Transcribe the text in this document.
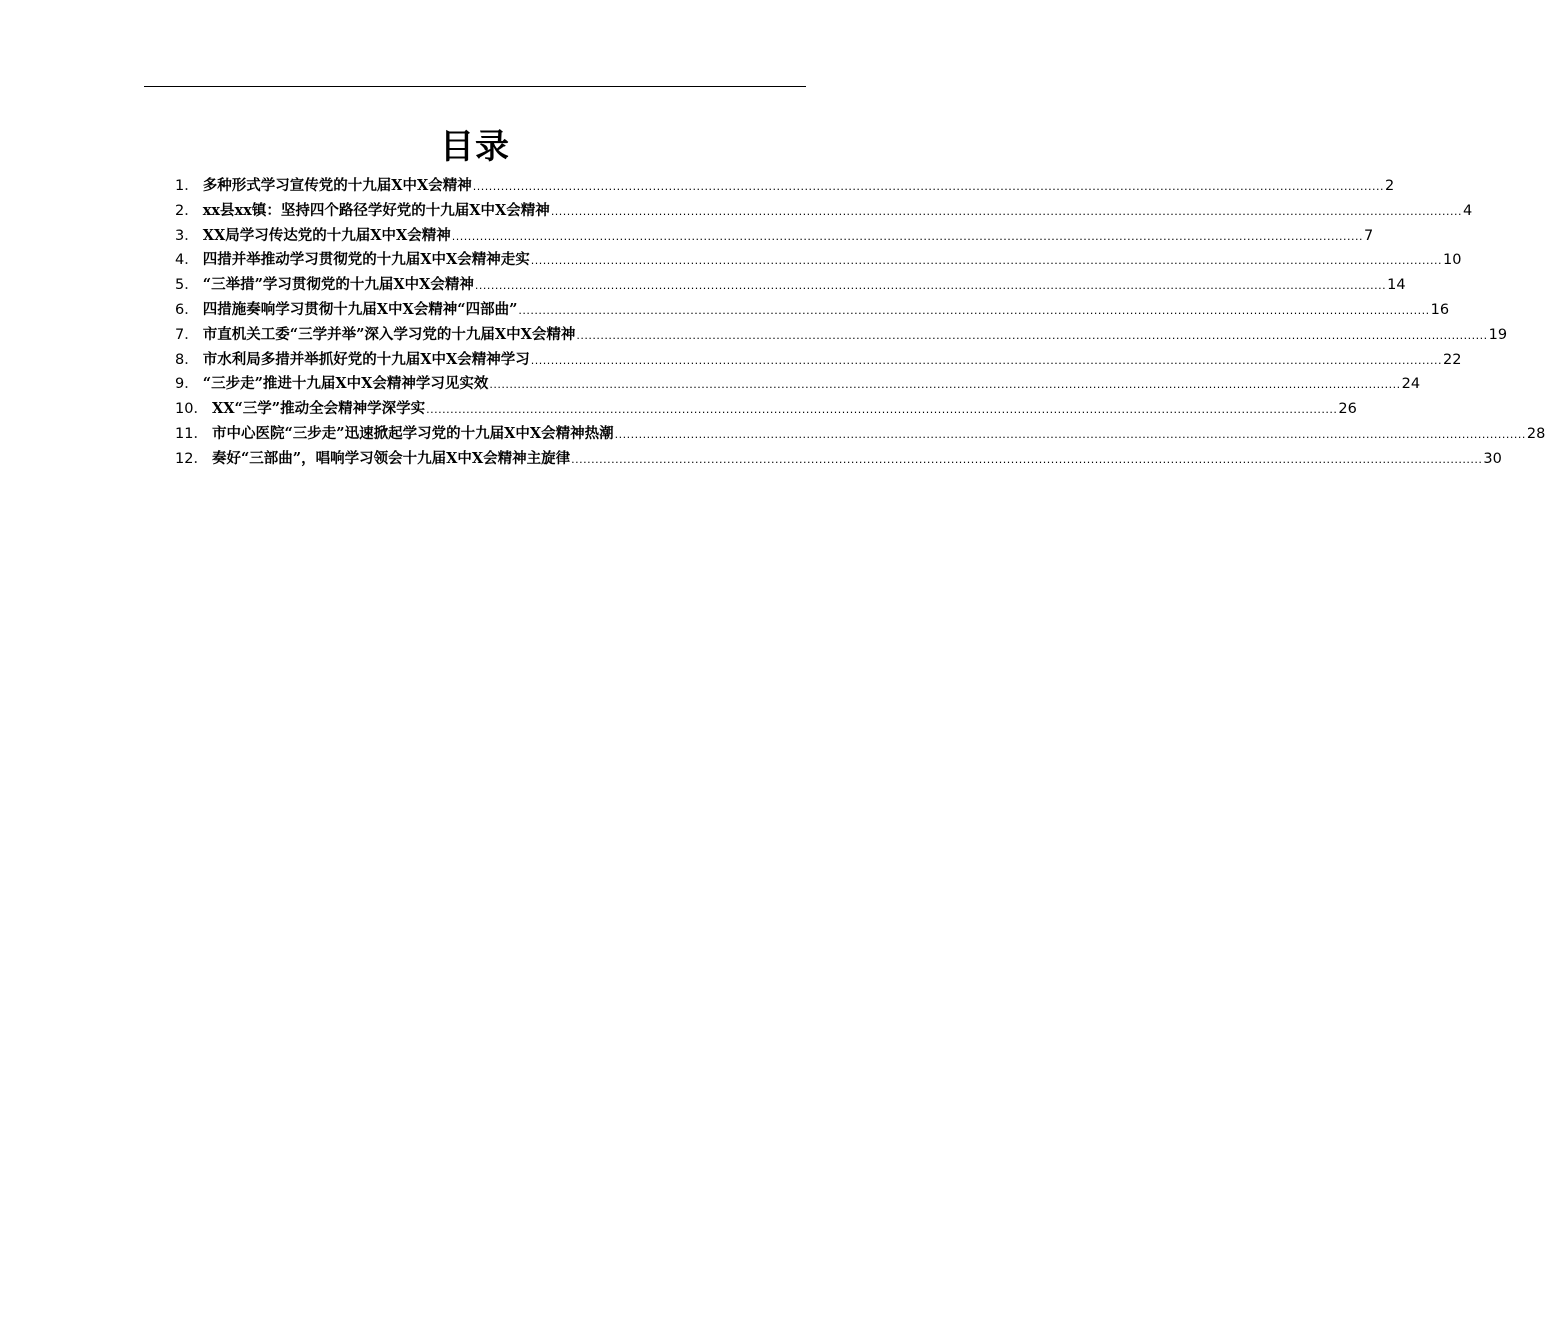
目录
1． 多种形式学习宣传党的十九届X中X会精神 .....	2
2． xx县xx镇：坚持四个路径学好党的十九届X中X会精神 .....	4
3． XX局学习传达党的十九届X中X会精神 .....	7
4． 四措并举推动学习贯彻党的十九届X中X会精神走实 .....	10
5． “三举措”学习贯彻党的十九届X中X会精神 .....	14
6． 四措施奏响学习贯彻十九届X中X会精神“四部曲” .....	16
7． 市直机关工委“三学并举”深入学习党的十九届X中X会精神 .....	19
8． 市水利局多措并举抓好党的十九届X中X会精神学习 .....	22
9． “三步走”推进十九届X中X会精神学习见实效 .....	24
10． XX“三学”推动全会精神学深学实 .....	26
11． 市中心医院“三步走”迅速掀起学习党的十九届X中X会精神热潮 .....	28
12． 奏好“三部曲”，唱响学习领会十九届X中X会精神主旋律 .....	30
